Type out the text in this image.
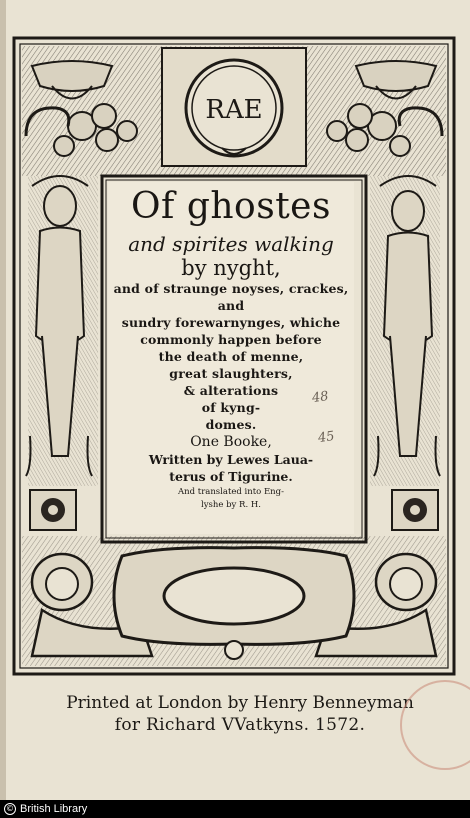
RAE
Of ghostes
and spirites walking
by nyght,
and of straunge noyses, crackes, and
sundry forewarnynges, whiche
commonly happen before
the death of menne,
great slaughters,
& alterations
of kyng-
domes.
One Booke,
Written by Lewes Laua-
terus of Tigurine.
And translated into Eng-
lyshe by R. H.
48
45
Printed at London by Henry Benneyman
for Richard VVatkyns. 1572.
© British Library
